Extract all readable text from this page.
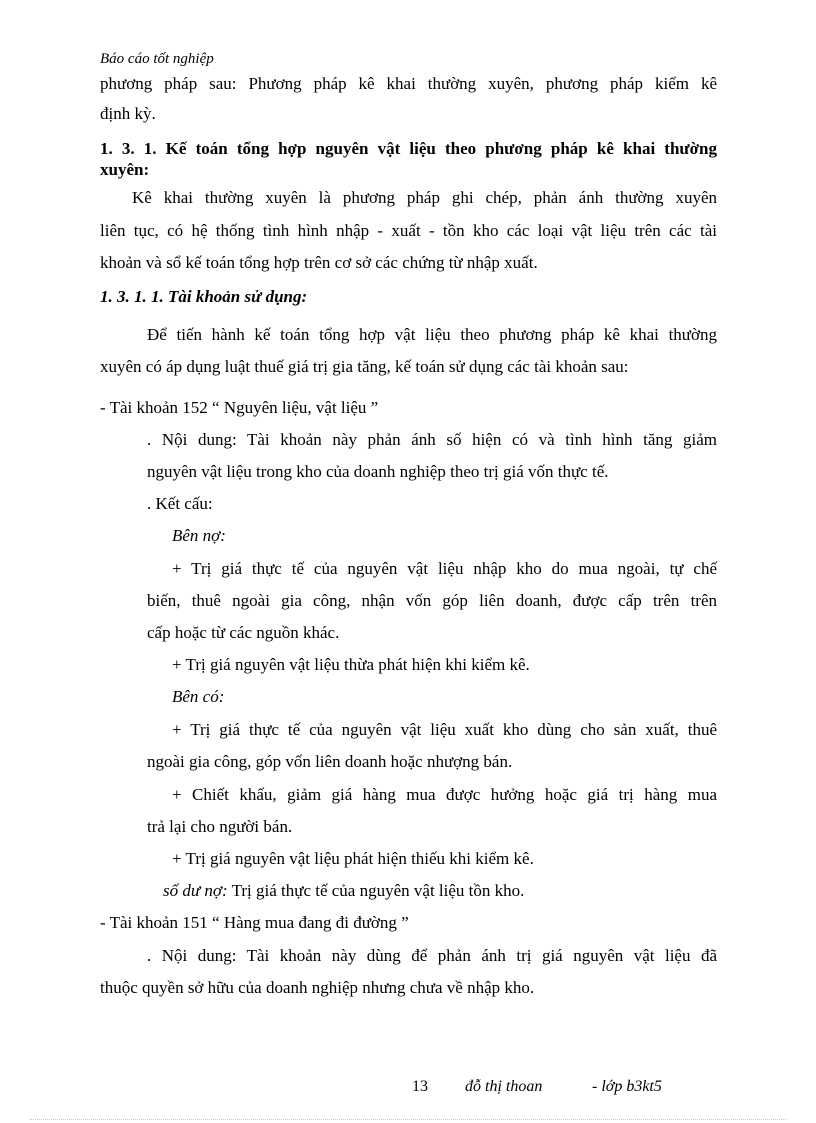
Báo cáo tốt nghiệp
phương pháp sau: Phương pháp kê khai thường xuyên, phương pháp kiểm kê
định kỳ.
1. 3. 1. Kế toán tổng hợp nguyên vật liệu theo phương pháp kê khai thường
xuyên:
Kê khai thường xuyên là phương pháp ghi chép, phản ánh thường xuyên
liên tục, có hệ thống tình hình nhập - xuất - tồn kho các loại vật liệu trên các tài
khoản và sổ kế toán tổng hợp trên cơ sở các chứng từ nhập xuất.
1. 3. 1. 1. Tài khoản sử dụng:
Để tiến hành kế toán tổng hợp vật liệu theo phương pháp kê khai thường
xuyên có áp dụng luật thuế giá trị gia tăng, kế toán sử dụng các tài khoản sau:
- Tài khoản 152 “ Nguyên liệu, vật liệu ”
. Nội dung: Tài khoản này phản ánh số hiện có và tình hình tăng giảm
nguyên vật liệu trong kho của doanh nghiệp theo trị giá vốn thực tế.
. Kết cấu:
Bên nợ:
+ Trị giá thực tế của nguyên vật liệu nhập kho do mua ngoài, tự chế
biến, thuê ngoài gia công, nhận vốn góp liên doanh, được cấp trên trên
cấp hoặc từ các nguồn khác.
+ Trị giá nguyên vật liệu thừa phát hiện khi kiểm kê.
Bên có:
+ Trị giá thực tế của nguyên vật liệu xuất kho dùng cho sản xuất, thuê
ngoài gia công, góp vốn liên doanh hoặc nhượng bán.
+ Chiết khấu, giảm giá hàng mua được hưởng hoặc giá trị hàng mua
trả lại cho người bán.
+ Trị giá nguyên vật liệu phát hiện thiếu khi kiểm kê.
số dư nợ: Trị giá thực tế của nguyên vật liệu tồn kho.
- Tài khoản 151 “ Hàng mua đang đi đường ”
. Nội dung: Tài khoản này dùng để phản ánh trị giá nguyên vật liệu đã
thuộc quyền sở hữu của doanh nghiệp nhưng chưa về nhập kho.
13 đỗ thị thoan	- lớp b3kt5
